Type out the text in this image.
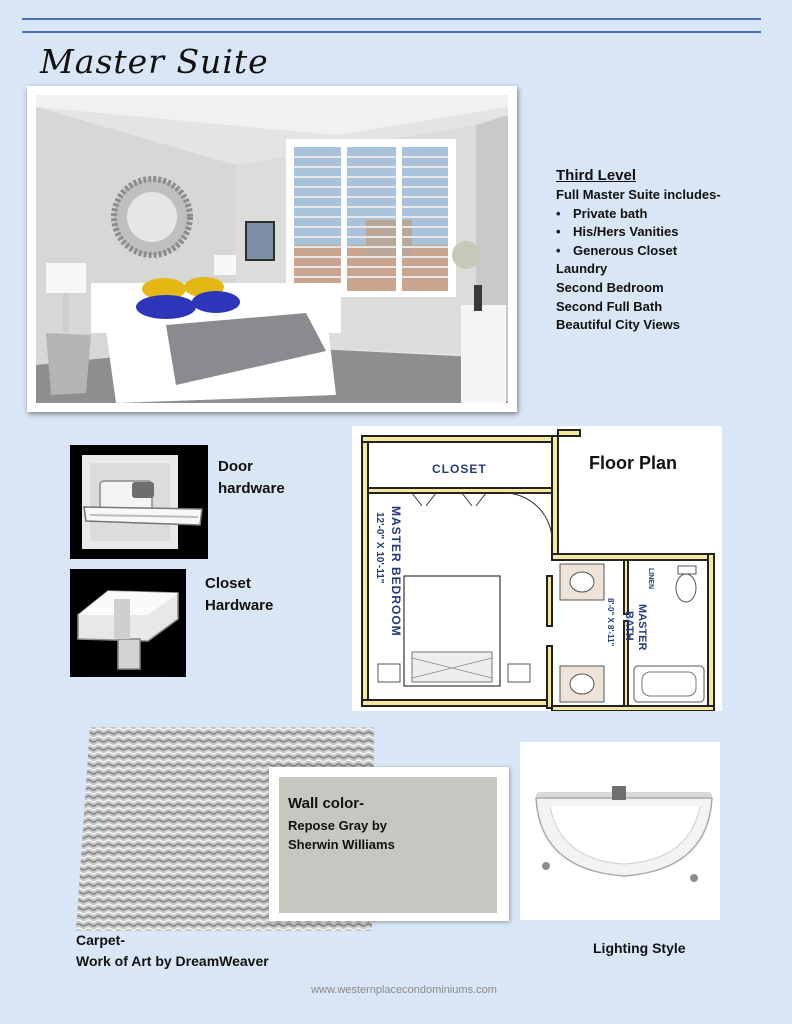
Master Suite
Third Level
Full Master Suite includes-
• Private bath
• His/Hers Vanities
• Generous Closet
Laundry
Second Bedroom
Second Full Bath
Beautiful City Views
Door
hardware
Closet
Hardware
CLOSET
MASTER BEDROOM
12'-0" X 10'-11"
MASTER
BATH
8'-0" X 8'-11"
LINEN
Floor Plan
Wall color-
Repose Gray by Sherwin Williams
Carpet-
Work of Art by DreamWeaver
Lighting Style
www.westernplacecondominiums.com
